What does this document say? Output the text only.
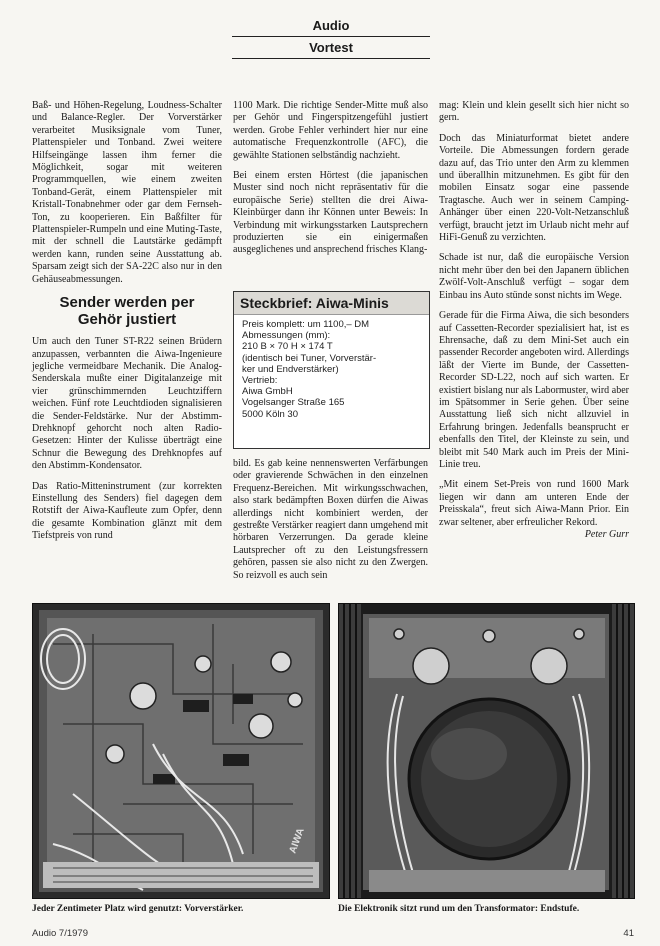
Audio
Vortest

Baß- und Höhen-Regelung, Loudness-Schalter und Balance-Regler. Der Vorverstärker verarbeitet Musiksignale vom Tuner, Plattenspieler und Tonband. Zwei weitere Hilfseingänge lassen ihm ferner die Möglichkeit, sogar mit weiteren Programmquellen, wie einem zweiten Tonband-Gerät, einem Plattenspieler mit Kristall-Tonabnehmer oder gar dem Fernseh-Ton, zu kooperieren. Ein Baßfilter für Plattenspieler-Rumpeln und eine Muting-Taste, mit der schnell die Lautstärke gedämpft werden kann, runden seine Ausstattung ab. Sparsam zeigt sich der SA-22C also nur in den Gehäuseabmessungen.

Sender werden per
Gehör justiert

Um auch den Tuner ST-R22 seinen Brüdern anzupassen, verbannten die Aiwa-Ingenieure jegliche vermeidbare Mechanik. Die Analog-Senderskala mußte einer Digitalanzeige mit vier grünschimmernden Leuchtziffern weichen. Fünf rote Leuchtdioden signalisieren die Sender-Feldstärke. Nur der Abstimm-Drehknopf gehorcht noch alten Radio-Gesetzen: Hinter der Kulisse überträgt eine Schnur die Bewegung des Drehknopfes auf den Abstimm-Kondensator.

Das Ratio-Mitteninstrument (zur korrekten Einstellung des Senders) fiel dagegen dem Rotstift der Aiwa-Kaufleute zum Opfer, denn die gesamte Kombination glänzt mit dem Tiefstpreis von rund

1100 Mark. Die richtige Sender-Mitte muß also per Gehör und Fingerspitzengefühl justiert werden. Grobe Fehler verhindert hier nur eine automatische Frequenzkontrolle (AFC), die gewählte Stationen selbständig nachzieht.

Bei einem ersten Hörtest (die japanischen Muster sind noch nicht repräsentativ für die europäische Serie) stellten die drei Aiwa-Kleinbürger dann ihr Können unter Beweis: In Verbindung mit wirkungsstarken Lautsprechern produzierten sie ein einigermaßen ausgeglichenes und ansprechend frisches Klang-

Steckbrief: Aiwa-Minis
Preis komplett: um 1100,– DM
Abmessungen (mm):
210 B × 70 H × 174 T
(identisch bei Tuner, Vorverstär-
ker und Endverstärker)
Vertrieb:
Aiwa GmbH
Vogelsanger Straße 165
5000 Köln 30

bild. Es gab keine nennenswerten Verfärbungen oder gravierende Schwächen in den einzelnen Frequenz-Bereichen. Mit wirkungsschwachen, also stark bedämpften Boxen dürfen die Aiwas allerdings nicht kombiniert werden, der gestreßte Verstärker reagiert dann umgehend mit hörbaren Verzerrungen. Da gerade kleine Lautsprecher oft zu den Leistungsfressern gehören, passen sie also nicht zu den Zwergen. So reizvoll es auch sein

mag: Klein und klein gesellt sich hier nicht so gern.

Doch das Miniaturformat bietet andere Vorteile. Die Abmessungen fordern gerade dazu auf, das Trio unter den Arm zu klemmen und überallhin mitzunehmen. Es gibt für den mobilen Einsatz sogar eine passende Tragtasche. Auch wer in seinem Camping-Anhänger über einen 220-Volt-Netzanschluß verfügt, braucht jetzt im Urlaub nicht mehr auf HiFi-Genuß zu verzichten.

Schade ist nur, daß die europäische Version nicht mehr über den bei den Japanern üblichen Zwölf-Volt-Anschluß verfügt – sogar dem Einbau ins Auto stünde sonst nichts im Wege.

Gerade für die Firma Aiwa, die sich besonders auf Cassetten-Recorder spezialisiert hat, ist es Ehrensache, daß zu dem Mini-Set auch ein passender Recorder angeboten wird. Allerdings läßt der Vierte im Bunde, der Cassetten-Recorder SD-L22, noch auf sich warten. Er existiert bislang nur als Labormuster, wird aber im Spätsommer in Serie gehen. Über seine Ausstattung ließ sich nicht allzuviel in Erfahrung bringen. Jedenfalls beansprucht er ebenfalls den Titel, der Kleinste zu sein, und bleibt mit 540 Mark auch im Preis der Mini-Linie treu.

„Mit einem Set-Preis von rund 1600 Mark liegen wir dann am unteren Ende der Preisskala“, freut sich Aiwa-Mann Prior. Ein zwar seltener, aber erfreulicher Rekord.

Peter Gurr
AIWA
Jeder Zentimeter Platz wird genutzt: Vorverstärker.	Die Elektronik sitzt rund um den Transformator: Endstufe.
Audio 7/1979	41
